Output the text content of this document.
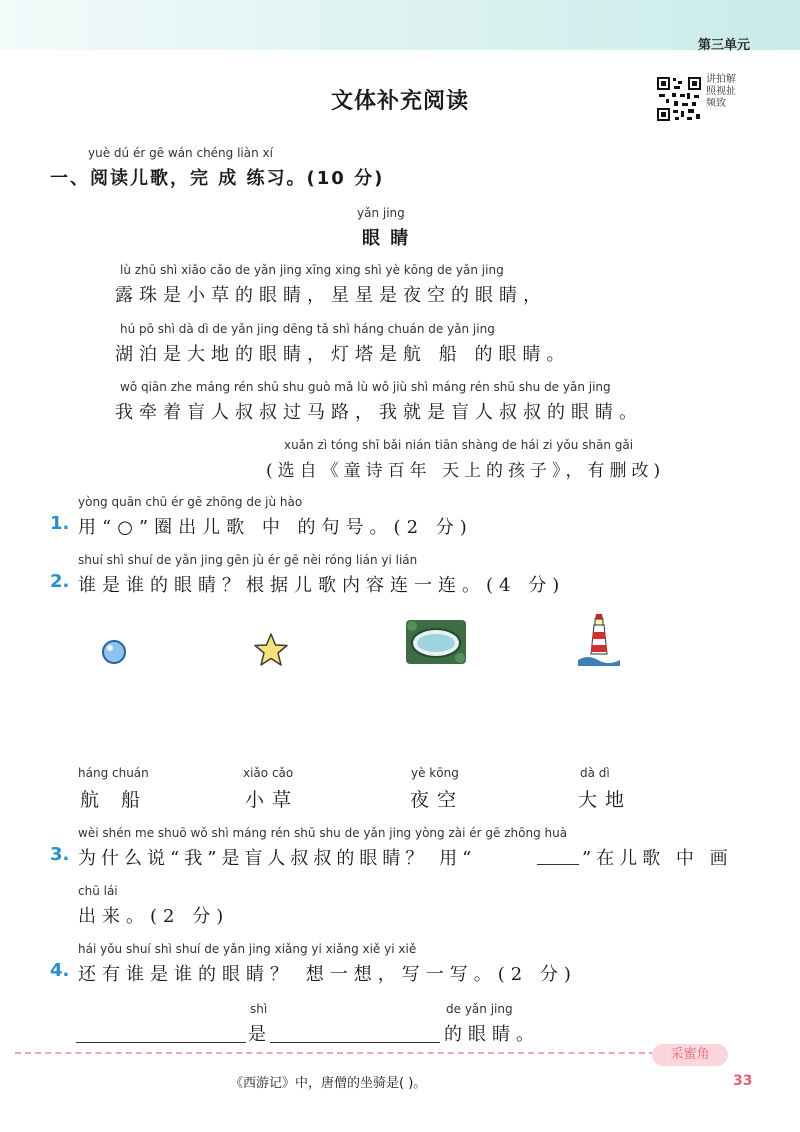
第三单元
文体补充阅读
讲拍解照视扯频致
yuè dú ér gē wán chéng liàn xí
一、阅读儿歌，完 成 练习。(10 分)
yǎn jing
眼 睛
lù zhū shì xiǎo cǎo de yǎn jing xīng xing shì yè kōng de yǎn jing
露珠是小草的眼睛，星星是夜空的眼睛，
hú pō shì dà dì de yǎn jing dēng tǎ shì háng chuán de yǎn jing
湖泊是大地的眼睛，灯塔是航 船 的眼睛。
wǒ qiān zhe máng rén shū shu guò mǎ lù wǒ jiù shì máng rén shū shu de yǎn jing
我牵着盲人叔叔过马路，我就是盲人叔叔的眼睛。
xuǎn zì tóng shī bǎi nián tiān shàng de hái zi yǒu shān gǎi
(选自《童诗百年 天上的孩子》，有删改)
yòng quān chū ér gē zhōng de jù hào
1. 用“○”圈出儿歌 中 的句号。(2 分)
shuí shì shuí de yǎn jing gēn jù ér gē nèi róng lián yi lián
2. 谁是谁的眼睛？根据儿歌内容连一连。(4 分)
háng chuán
航 船
xiǎo cǎo
小草
yè kōng
夜空
dà dì
大地
wèi shén me shuō wǒ shì máng rén shū shu de yǎn jing yòng zài ér gē zhōng huà
3. 为什么说“我”是盲人叔叔的眼睛？ 用“	”在儿歌 中 画
chū lái
出来。(2 分)
hái yǒu shuí shì shuí de yǎn jing xiǎng yi xiǎng xiě yi xiě
4. 还有谁是谁的眼睛？ 想一想，写一写。(2 分)
shì
是
de yǎn jing
的眼睛。
采蜜角
《西游记》中，唐僧的坐骑是( )。	33
